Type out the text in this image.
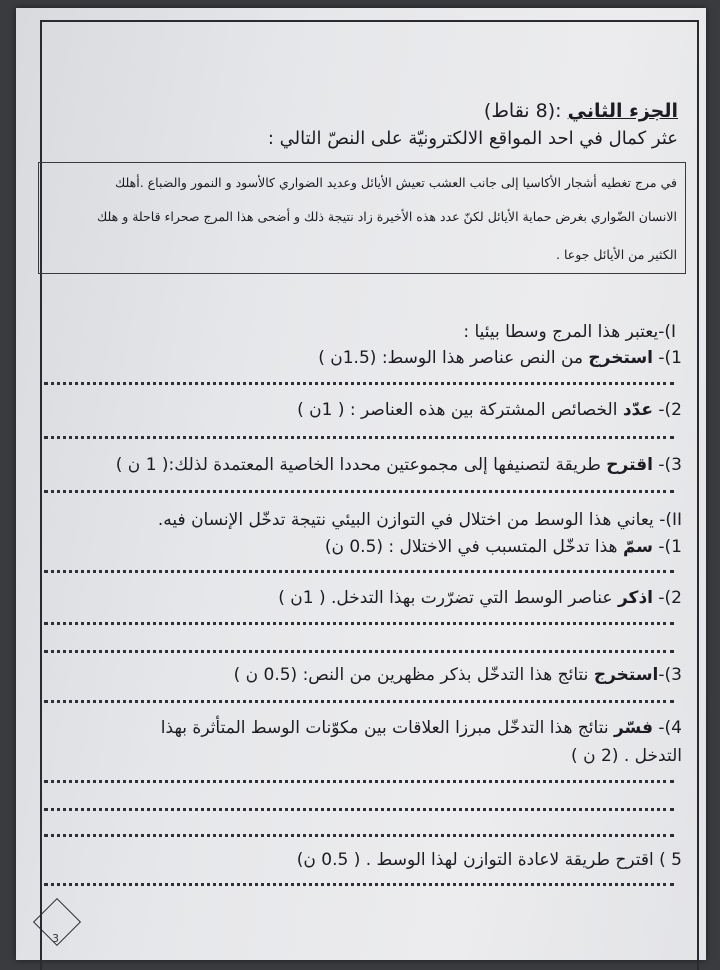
الجزء الثاني :(8 نقاط)
عثر كمال في احد المواقع الالكترونيّة على النصّ التالي :

في مرج تغطيه أشجار الأكاسيا إلى جانب العشب تعيش الأيائل وعديد الضواري كالأسود و النمور والضباع .أهلك

الانسان الضّواري بغرض حماية الأيائل لكنّ عدد هذه الأخيرة زاد نتيجة ذلك و أضحى هذا المرج صحراء قاحلة و هلك

الكثير من الأيائل جوعا .

I)-يعتبر هذا المرج وسطا بيئيا :
1)- استخرج من النص عناصر هذا الوسط: (1.5ن )
2)- عدّد الخصائص المشتركة بين هذه العناصر : ( 1ن )
3)- اقترح طريقة لتصنيفها إلى مجموعتين محددا الخاصية المعتمدة لذلك:( 1 ن )
II)- يعاني هذا الوسط من اختلال في التوازن البيئي نتيجة تدخّل الإنسان فيه.
1)- سمّ هذا تدخّل المتسبب في الاختلال : (0.5 ن)
2)- اذكر عناصر الوسط التي تضرّرت بهذا التدخل. ( 1ن )
3)-استخرج نتائج هذا التدخّل بذكر مظهرين من النص: (0.5 ن )
4)- فسّر نتائج هذا التدخّل مبرزا العلاقات بين مكوّنات الوسط المتأثرة بهذا
التدخل . (2 ن )
5 ) اقترح طريقة لاعادة التوازن لهذا الوسط . ( 0.5 ن)
3
